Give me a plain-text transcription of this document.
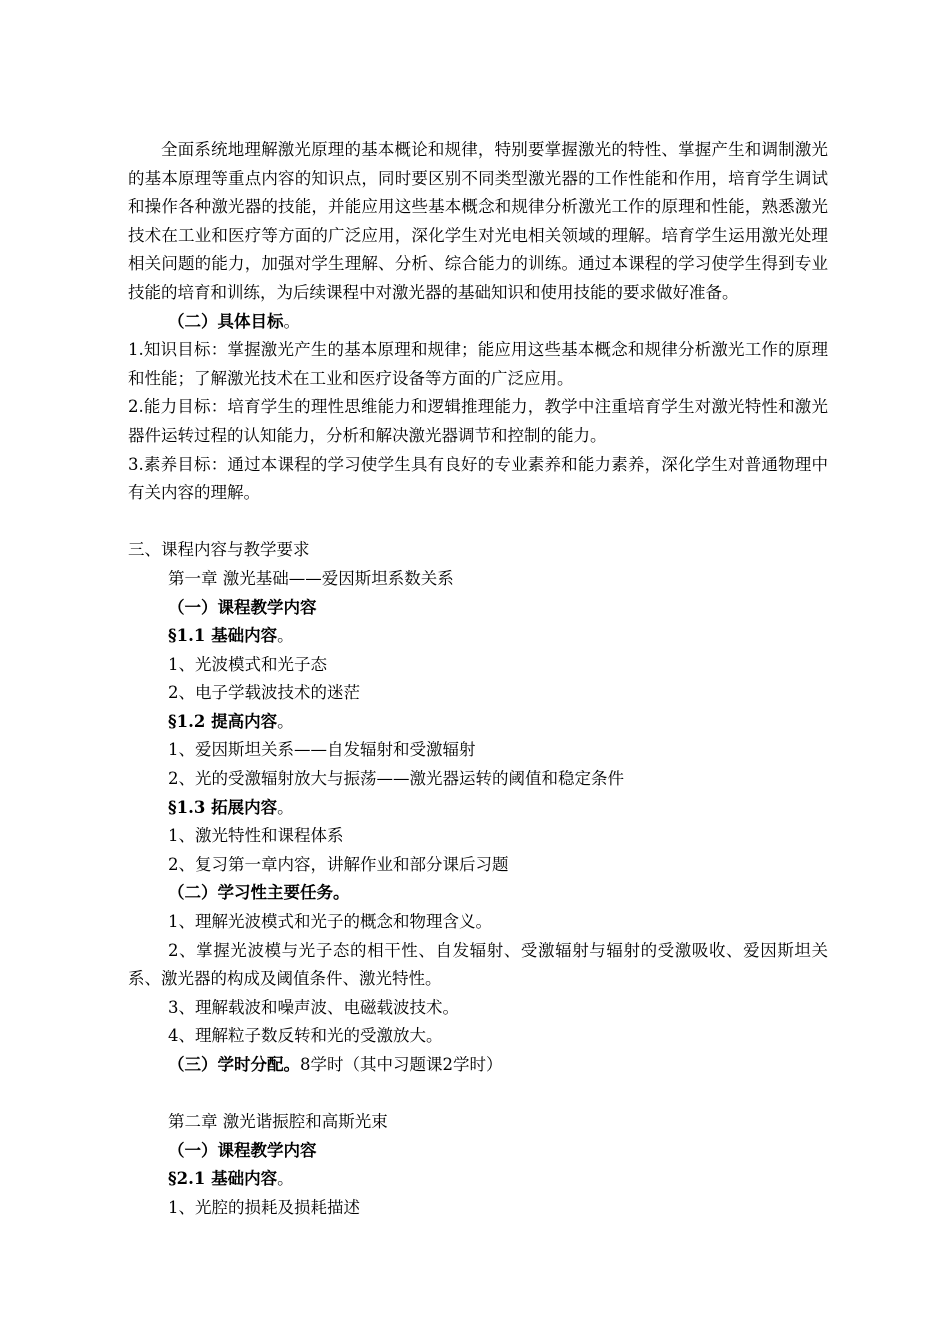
全面系统地理解激光原理的基本概论和规律，特别要掌握激光的特性、掌握产生和调制激光的基本原理等重点内容的知识点，同时要区别不同类型激光器的工作性能和作用，培育学生调试和操作各种激光器的技能，并能应用这些基本概念和规律分析激光工作的原理和性能，熟悉激光技术在工业和医疗等方面的广泛应用，深化学生对光电相关领域的理解。培育学生运用激光处理相关问题的能力，加强对学生理解、分析、综合能力的训练。通过本课程的学习使学生得到专业技能的培育和训练，为后续课程中对激光器的基础知识和使用技能的要求做好准备。

（二）具体目标。

1.知识目标：掌握激光产生的基本原理和规律；能应用这些基本概念和规律分析激光工作的原理和性能；了解激光技术在工业和医疗设备等方面的广泛应用。

2.能力目标：培育学生的理性思维能力和逻辑推理能力，教学中注重培育学生对激光特性和激光器件运转过程的认知能力，分析和解决激光器调节和控制的能力。

3.素养目标：通过本课程的学习使学生具有良好的专业素养和能力素养，深化学生对普通物理中有关内容的理解。

三、课程内容与教学要求

第一章 激光基础——爱因斯坦系数关系

（一）课程教学内容

§1.1 基础内容。

1、光波模式和光子态

2、电子学载波技术的迷茫

§1.2 提高内容。

1、爱因斯坦关系——自发辐射和受激辐射

2、光的受激辐射放大与振荡——激光器运转的阈值和稳定条件

§1.3 拓展内容。

1、激光特性和课程体系

2、复习第一章内容，讲解作业和部分课后习题

（二）学习性主要任务。

1、理解光波模式和光子的概念和物理含义。

2、掌握光波模与光子态的相干性、自发辐射、受激辐射与辐射的受激吸收、爱因斯坦关系、激光器的构成及阈值条件、激光特性。

3、理解载波和噪声波、电磁载波技术。

4、理解粒子数反转和光的受激放大。

（三）学时分配。8学时（其中习题课2学时）

第二章 激光谐振腔和高斯光束

（一）课程教学内容

§2.1 基础内容。

1、光腔的损耗及损耗描述
